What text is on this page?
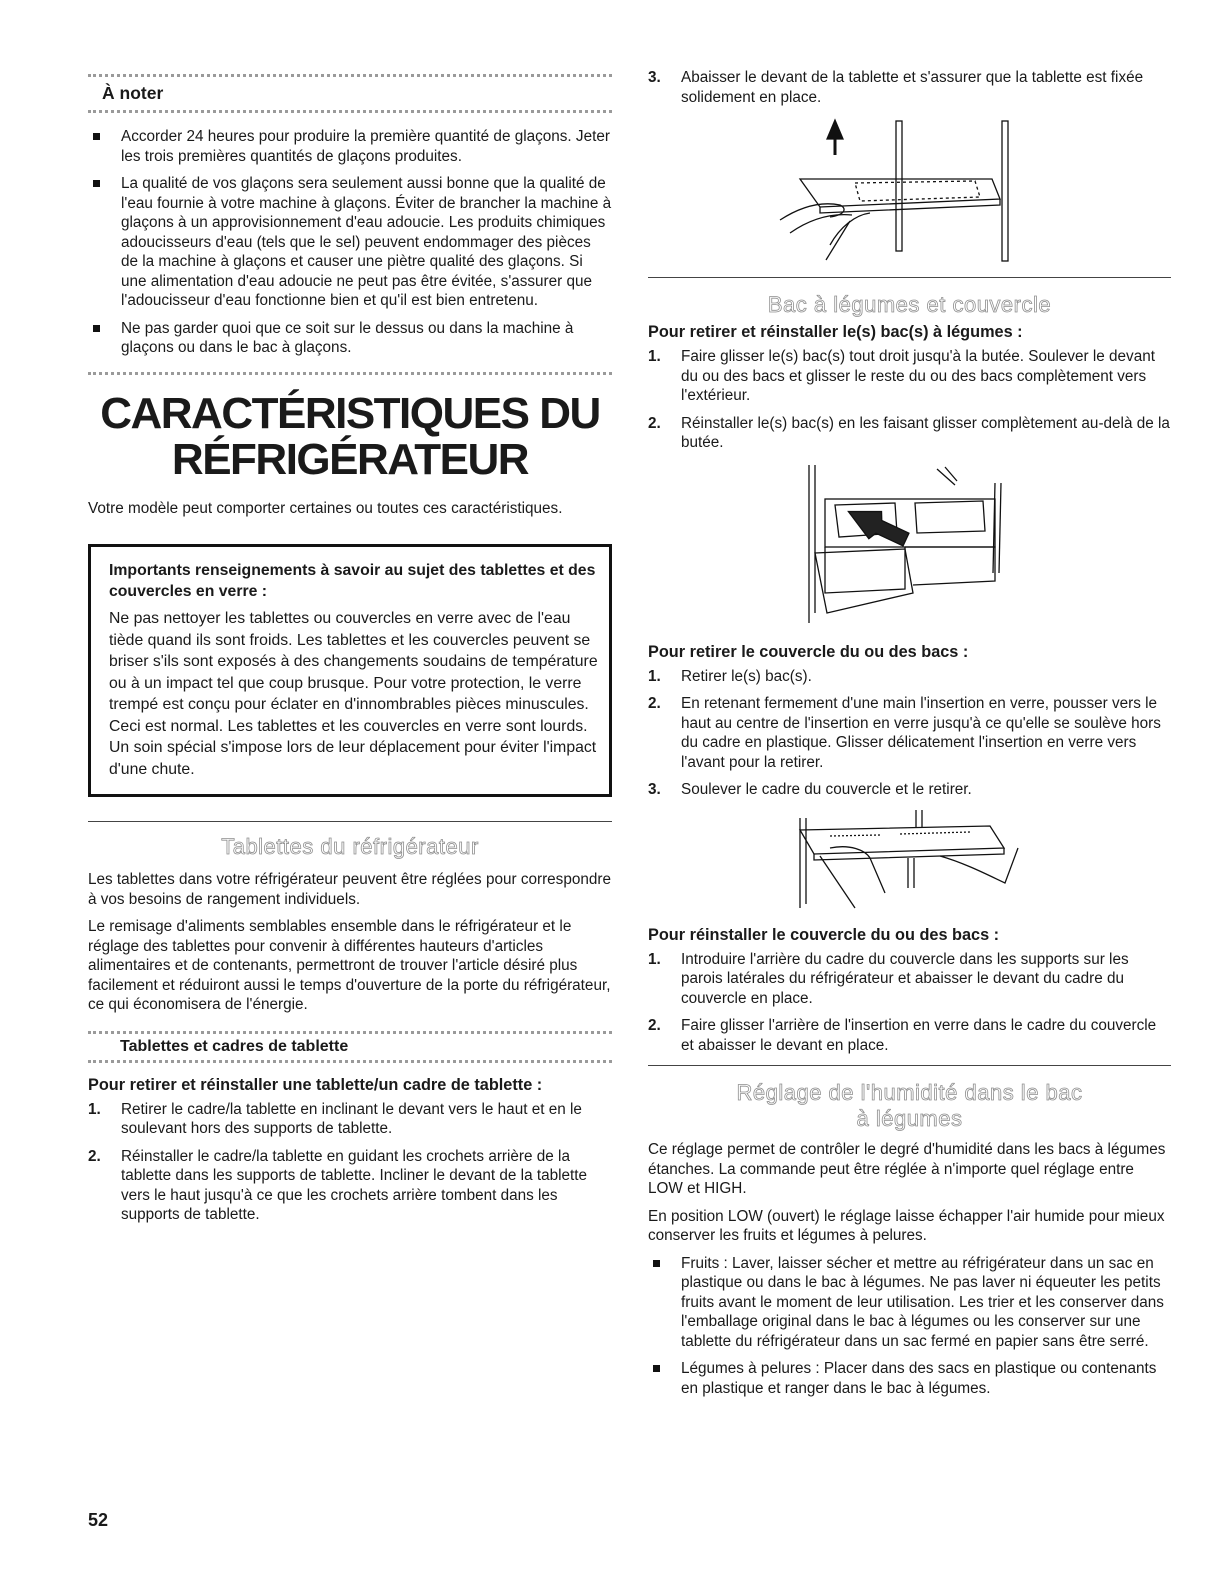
À noter
Accorder 24 heures pour produire la première quantité de glaçons. Jeter les trois premières quantités de glaçons produites.
La qualité de vos glaçons sera seulement aussi bonne que la qualité de l'eau fournie à votre machine à glaçons. Éviter de brancher la machine à glaçons à un approvisionnement d'eau adoucie. Les produits chimiques adoucisseurs d'eau (tels que le sel) peuvent endommager des pièces de la machine à glaçons et causer une piètre qualité des glaçons. Si une alimentation d'eau adoucie ne peut pas être évitée, s'assurer que l'adoucisseur d'eau fonctionne bien et qu'il est bien entretenu.
Ne pas garder quoi que ce soit sur le dessus ou dans la machine à glaçons ou dans le bac à glaçons.
CARACTÉRISTIQUES DU
RÉFRIGÉRATEUR

Votre modèle peut comporter certaines ou toutes ces caractéristiques.

Importants renseignements à savoir au sujet des tablettes et des couvercles en verre :

Ne pas nettoyer les tablettes ou couvercles en verre avec de l'eau tiède quand ils sont froids. Les tablettes et les couvercles peuvent se briser s'ils sont exposés à des changements soudains de température ou à un impact tel que coup brusque. Pour votre protection, le verre trempé est conçu pour éclater en d'innombrables pièces minuscules. Ceci est normal. Les tablettes et les couvercles en verre sont lourds. Un soin spécial s'impose lors de leur déplacement pour éviter l'impact d'une chute.

Tablettes du réfrigérateur

Les tablettes dans votre réfrigérateur peuvent être réglées pour correspondre à vos besoins de rangement individuels.

Le remisage d'aliments semblables ensemble dans le réfrigérateur et le réglage des tablettes pour convenir à différentes hauteurs d'articles alimentaires et de contenants, permettront de trouver l'article désiré plus facilement et réduiront aussi le temps d'ouverture de la porte du réfrigérateur, ce qui économisera de l'énergie.

Tablettes et cadres de tablette
Pour retirer et réinstaller une tablette/un cadre de tablette :
1. Retirer le cadre/la tablette en inclinant le devant vers le haut et en le soulevant hors des supports de tablette.
2. Réinstaller le cadre/la tablette en guidant les crochets arrière de la tablette dans les supports de tablette. Incliner le devant de la tablette vers le haut jusqu'à ce que les crochets arrière tombent dans les supports de tablette.
3. Abaisser le devant de la tablette et s'assurer que la tablette est fixée solidement en place.
Bac à légumes et couvercle
Pour retirer et réinstaller le(s) bac(s) à légumes :
1. Faire glisser le(s) bac(s) tout droit jusqu'à la butée. Soulever le devant du ou des bacs et glisser le reste du ou des bacs complètement vers l'extérieur.
2. Réinstaller le(s) bac(s) en les faisant glisser complètement au-delà de la butée.
Pour retirer le couvercle du ou des bacs :
1. Retirer le(s) bac(s).
2. En retenant fermement d'une main l'insertion en verre, pousser vers le haut au centre de l'insertion en verre jusqu'à ce qu'elle se soulève hors du cadre en plastique. Glisser délicatement l'insertion en verre vers l'avant pour la retirer.
3. Soulever le cadre du couvercle et le retirer.
Pour réinstaller le couvercle du ou des bacs :
1. Introduire l'arrière du cadre du couvercle dans les supports sur les parois latérales du réfrigérateur et abaisser le devant du cadre du couvercle en place.
2. Faire glisser l'arrière de l'insertion en verre dans le cadre du couvercle et abaisser le devant en place.
Réglage de l'humidité dans le bac
à légumes

Ce réglage permet de contrôler le degré d'humidité dans les bacs à légumes étanches. La commande peut être réglée à n'importe quel réglage entre LOW et HIGH.

En position LOW (ouvert) le réglage laisse échapper l'air humide pour mieux conserver les fruits et légumes à pelures.

Fruits : Laver, laisser sécher et mettre au réfrigérateur dans un sac en plastique ou dans le bac à légumes. Ne pas laver ni équeuter les petits fruits avant le moment de leur utilisation. Les trier et les conserver dans l'emballage original dans le bac à légumes ou les conserver sur une tablette du réfrigérateur dans un sac fermé en papier sans être serré.
Légumes à pelures : Placer dans des sacs en plastique ou contenants en plastique et ranger dans le bac à légumes.
52
